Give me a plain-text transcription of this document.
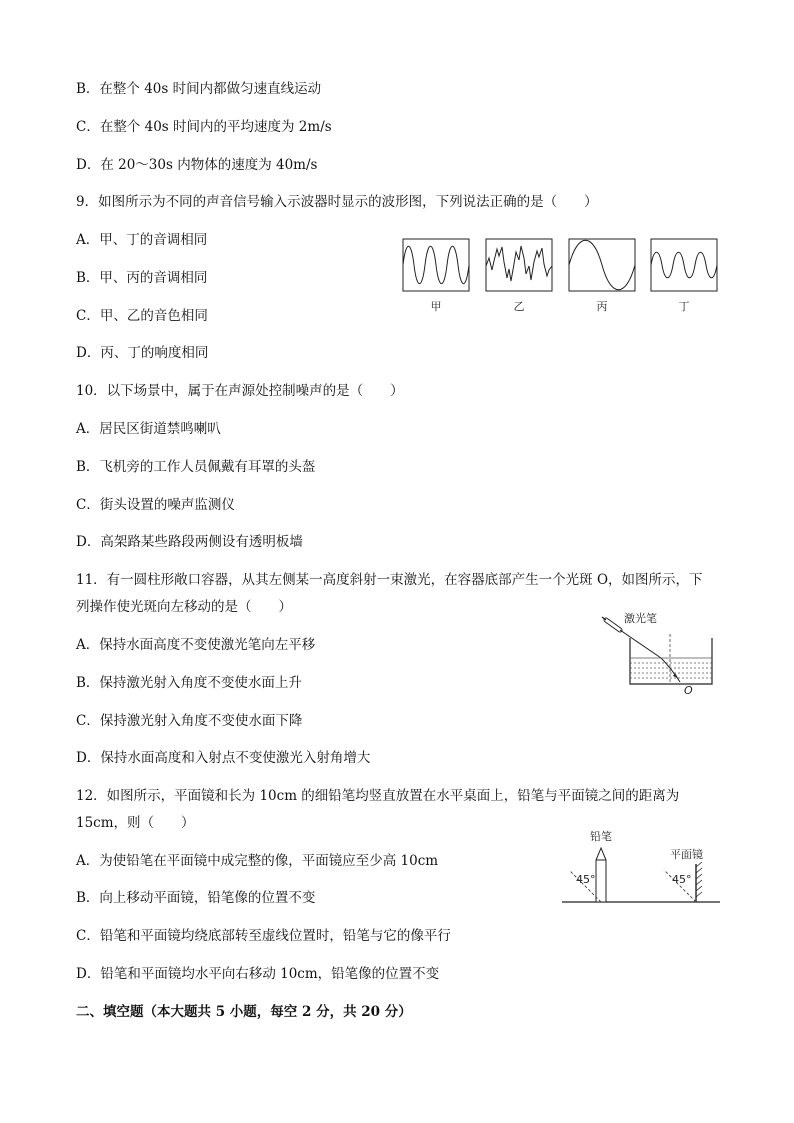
B．在整个 40s 时间内都做匀速直线运动
C．在整个 40s 时间内的平均速度为 2m/s
D．在 20～30s 内物体的速度为 40m/s
9．如图所示为不同的声音信号输入示波器时显示的波形图，下列说法正确的是（　　）
A．甲、丁的音调相同
B．甲、丙的音调相同
C．甲、乙的音色相同
D．丙、丁的响度相同
甲	乙	丙	丁
10．以下场景中，属于在声源处控制噪声的是（　　）
A．居民区街道禁鸣喇叭
B．飞机旁的工作人员佩戴有耳罩的头盔
C．街头设置的噪声监测仪
D．高架路某些路段两侧设有透明板墙
11．有一圆柱形敞口容器，从其左侧某一高度斜射一束激光，在容器底部产生一个光斑 O，如图所示，下
列操作使光斑向左移动的是（　　）
A．保持水面高度不变使激光笔向左平移
B．保持激光射入角度不变使水面上升
C．保持激光射入角度不变使水面下降
D．保持水面高度和入射点不变使激光入射角增大
激光笔
O
12．如图所示，平面镜和长为 10cm 的细铅笔均竖直放置在水平桌面上，铅笔与平面镜之间的距离为
15cm，则（　　）
A．为使铅笔在平面镜中成完整的像，平面镜应至少高 10cm
B．向上移动平面镜，铅笔像的位置不变
C．铅笔和平面镜均绕底部转至虚线位置时，铅笔与它的像平行
D．铅笔和平面镜均水平向右移动 10cm，铅笔像的位置不变
铅笔
平面镜
45°	45°
二、填空题（本大题共 5 小题，每空 2 分，共 20 分）
